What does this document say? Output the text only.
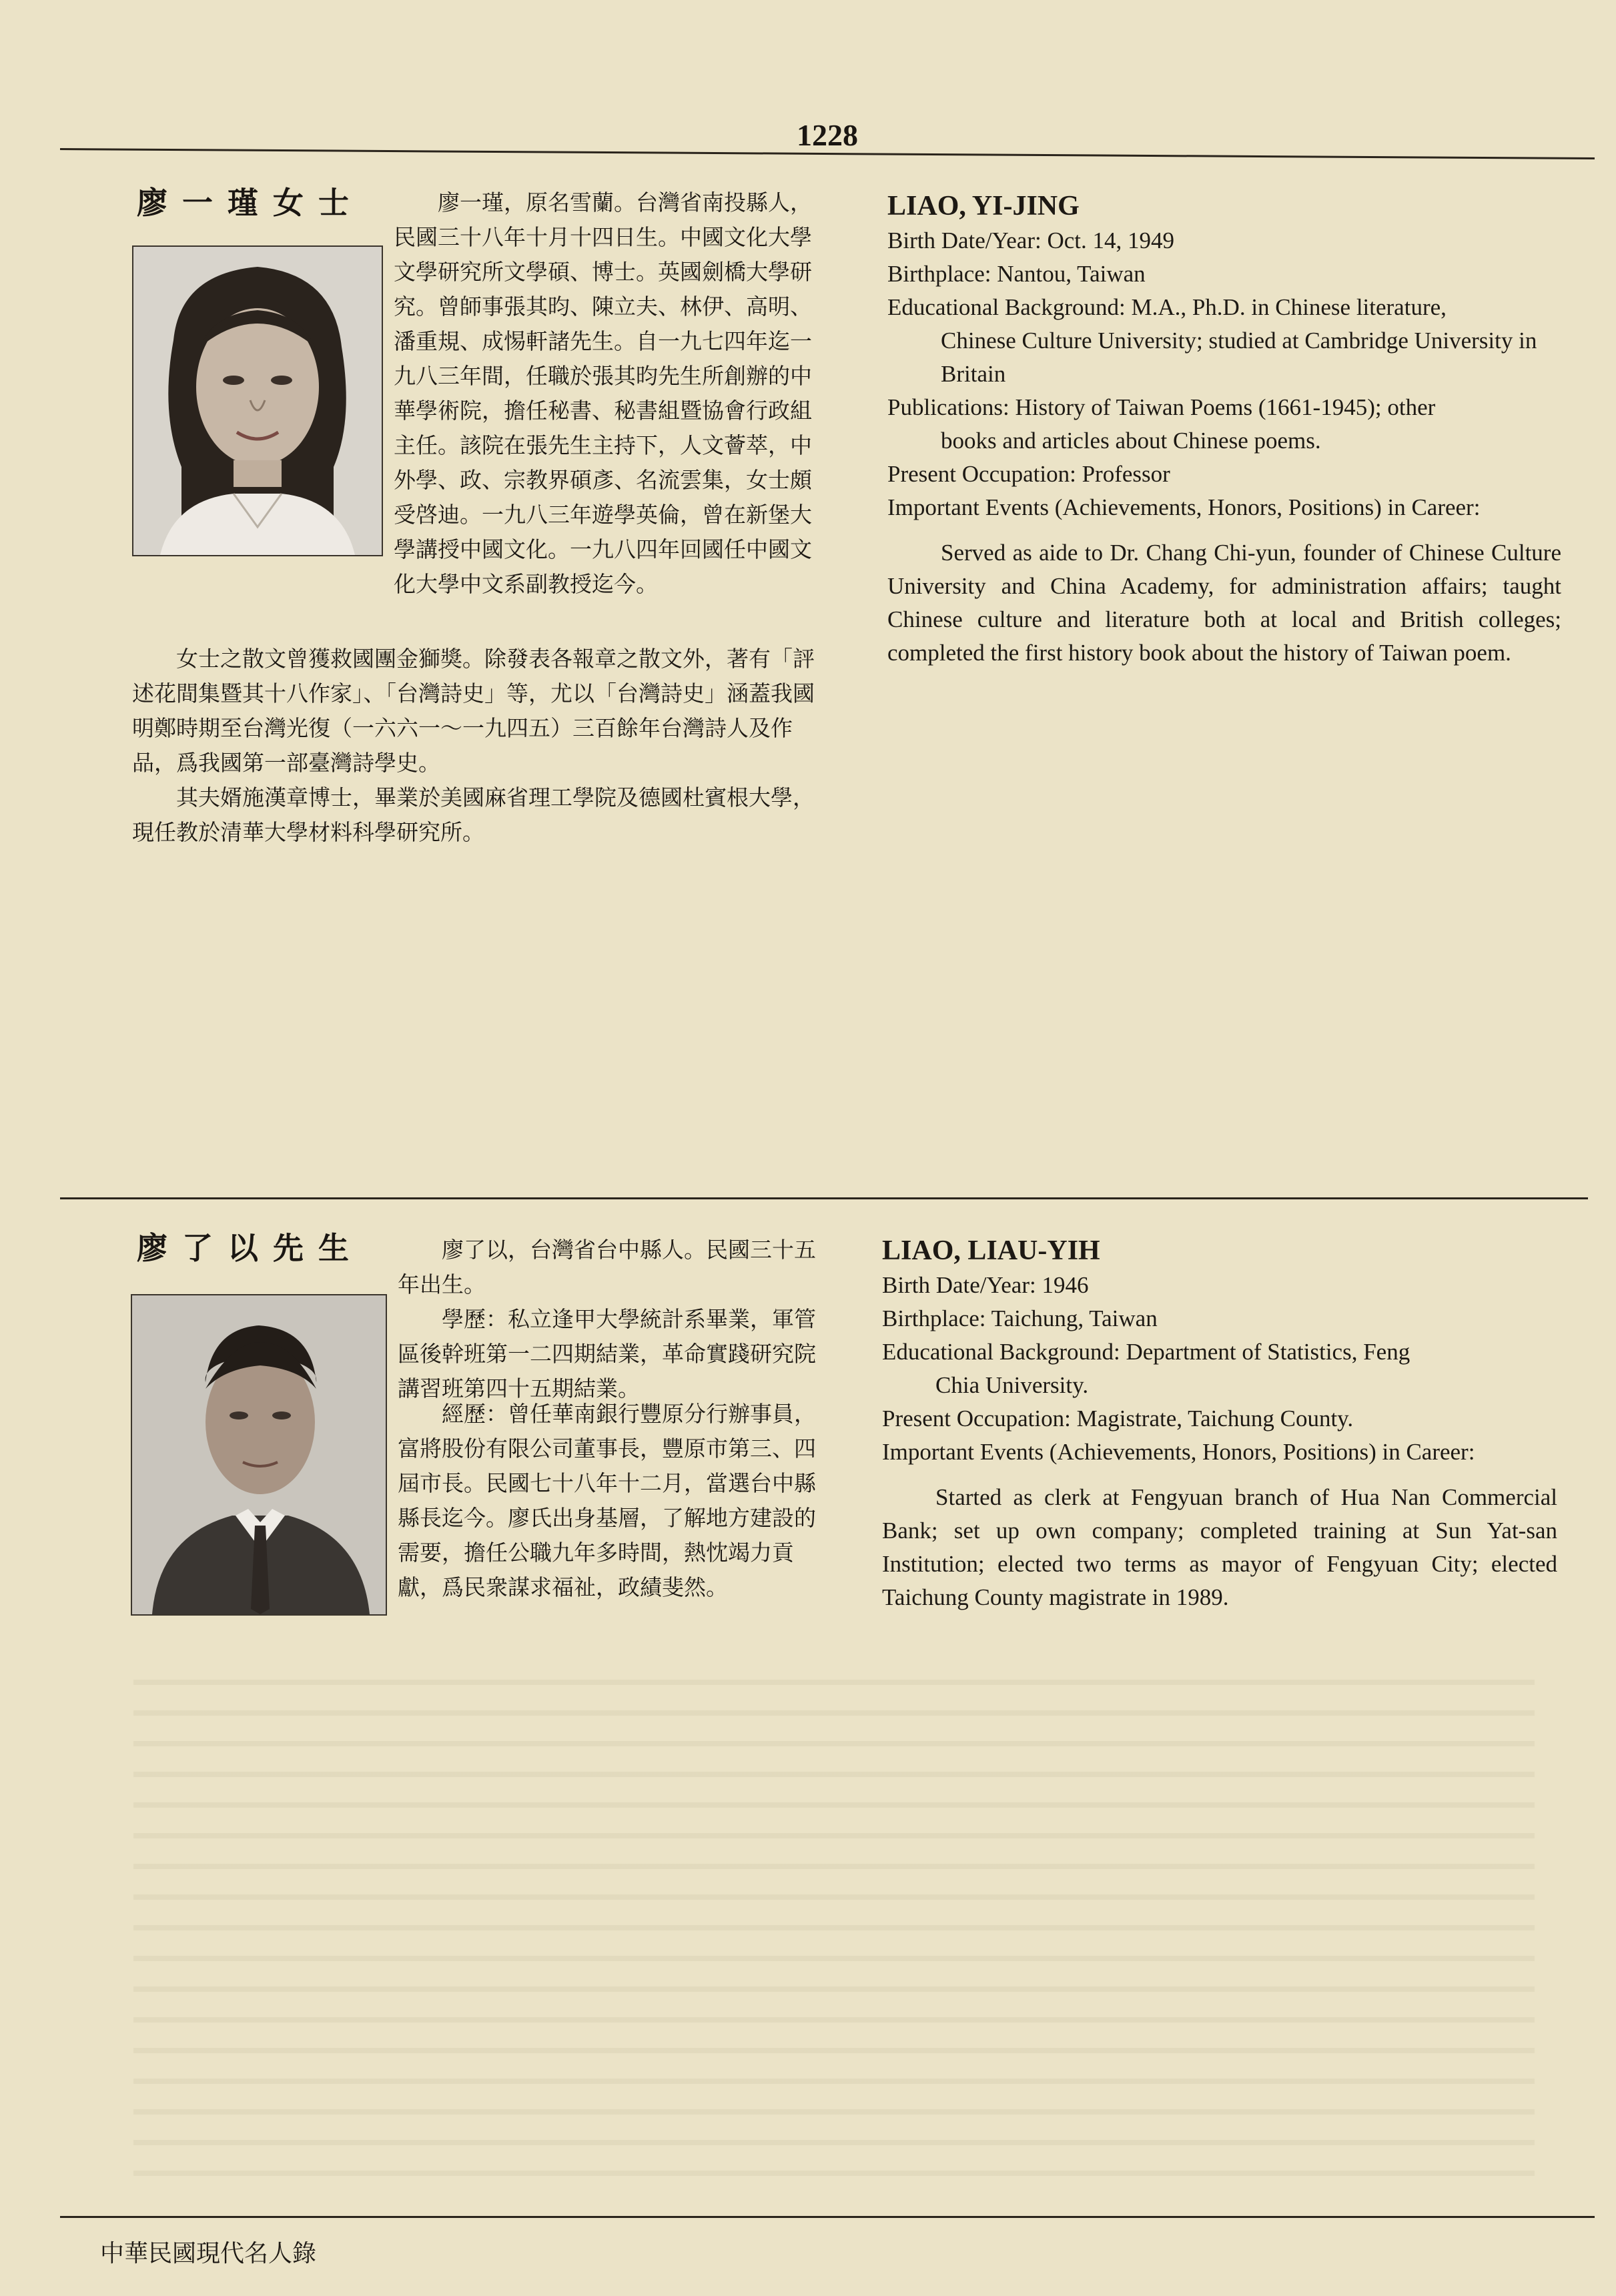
1228
廖一瑾女士	廖一瑾，原名雪蘭。台灣省南投縣人，民國三十八年十月十四日生。中國文化大學文學研究所文學碩、博士。英國劍橋大學研究。曾師事張其昀、陳立夫、林伊、高明、潘重規、成惕軒諸先生。自一九七四年迄一九八三年間，任職於張其昀先生所創辦的中華學術院，擔任秘書、秘書組暨協會行政組主任。該院在張先生主持下，人文薈萃，中外學、政、宗教界碩彥、名流雲集，女士頗受啓迪。一九八三年遊學英倫，曾在新堡大學講授中國文化。一九八四年回國任中國文化大學中文系副教授迄今。

女士之散文曾獲救國團金獅獎。除發表各報章之散文外，著有「評述花間集暨其十八作家」、「台灣詩史」等，尤以「台灣詩史」涵蓋我國明鄭時期至台灣光復（一六六一～一九四五）三百餘年台灣詩人及作品，爲我國第一部臺灣詩學史。

其夫婿施漢章博士，畢業於美國麻省理工學院及德國杜賓根大學，現任教於清華大學材料科學研究所。

LIAO, YI-JING
Birth Date/Year: Oct. 14, 1949
Birthplace: Nantou, Taiwan
Educational Background: M.A., Ph.D. in Chinese literature,
Chinese Culture University; studied at Cambridge University in Britain
Publications: History of Taiwan Poems (1661-1945); other
books and articles about Chinese poems.
Present Occupation: Professor
Important Events (Achievements, Honors, Positions) in Career:
Served as aide to Dr. Chang Chi-yun, founder of Chinese Culture University and China Academy, for administration affairs; taught Chinese culture and literature both at local and British colleges; completed the first history book about the history of Taiwan poem.
廖了以先生	廖了以，台灣省台中縣人。民國三十五年出生。

學歷：私立逢甲大學統計系畢業，軍管區後幹班第一二四期結業，革命實踐研究院講習班第四十五期結業。

經歷：曾任華南銀行豐原分行辦事員，富將股份有限公司董事長，豐原市第三、四屆市長。民國七十八年十二月，當選台中縣縣長迄今。廖氏出身基層，了解地方建設的需要，擔任公職九年多時間，熱忱竭力貢獻，爲民衆謀求福祉，政績斐然。

LIAO, LIAU-YIH
Birth Date/Year: 1946
Birthplace: Taichung, Taiwan
Educational Background: Department of Statistics, Feng
Chia University.
Present Occupation: Magistrate, Taichung County.
Important Events (Achievements, Honors, Positions) in Career:
Started as clerk at Fengyuan branch of Hua Nan Commercial Bank; set up own company; completed training at Sun Yat-san Institution; elected two terms as mayor of Fengyuan City; elected Taichung County magistrate in 1989.
中華民國現代名人錄
